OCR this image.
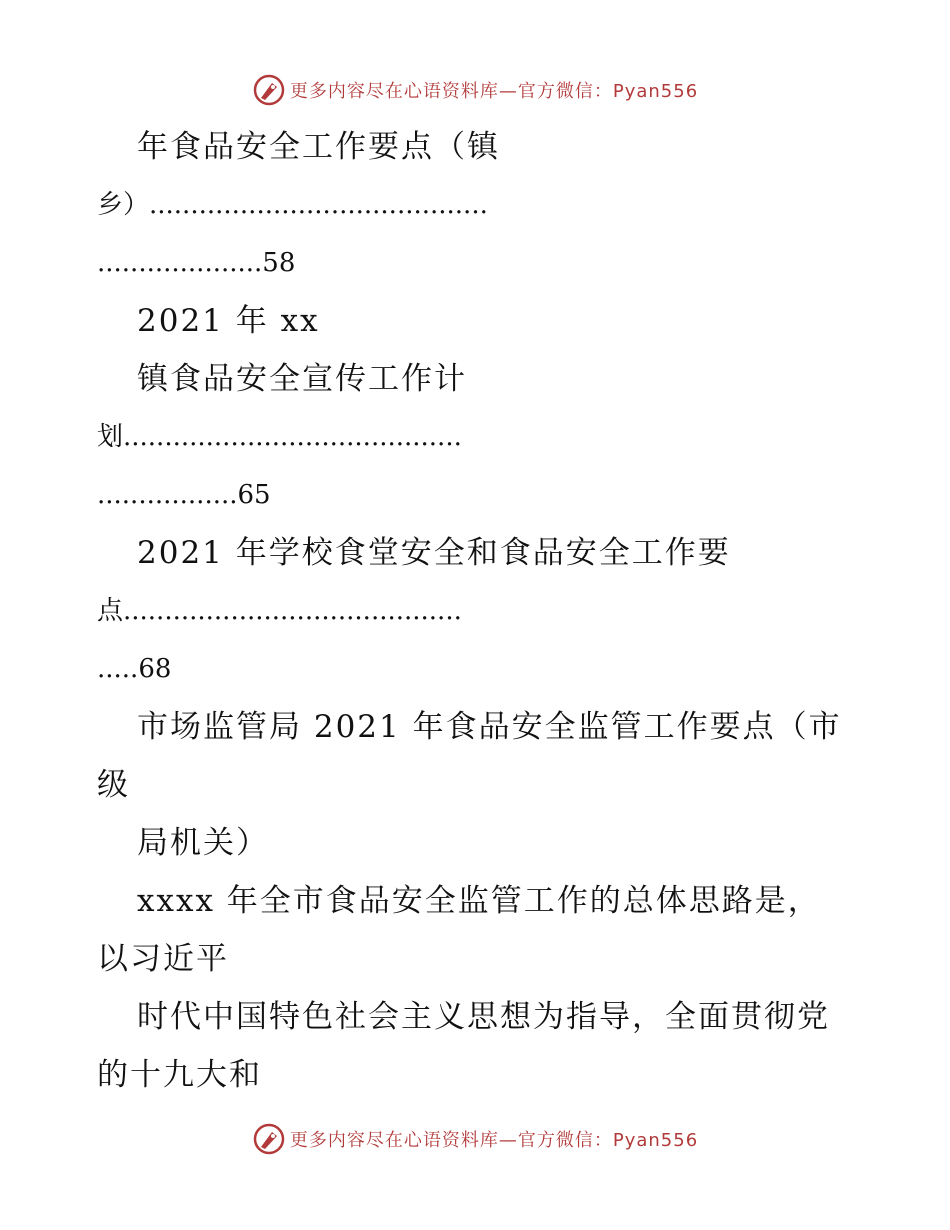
更多内容尽在心语资料库—官方微信：Pyan556
年食品安全工作要点（镇
乡）.........................................
....................58
2021 年 xx
镇食品安全宣传工作计
划.........................................
.................65
2021 年学校食堂安全和食品安全工作要
点.........................................
.....68
市场监管局 2021 年食品安全监管工作要点（市
级
局机关）
xxxx 年全市食品安全监管工作的总体思路是，
以习近平
时代中国特色社会主义思想为指导，全面贯彻党
的十九大和
更多内容尽在心语资料库—官方微信：Pyan556
